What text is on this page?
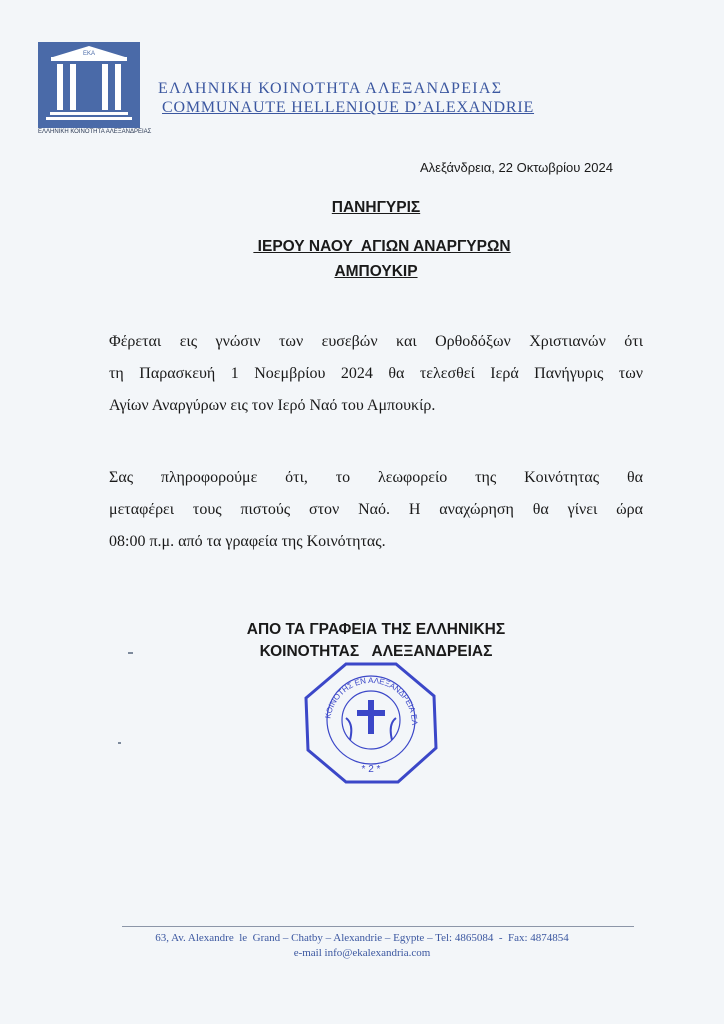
ΕΚΑ
ΕΛΛΗΝΙΚΗ ΚΟΙΝΟΤΗΤΑ ΑΛΕΞΑΝΔΡΕΙΑΣ
ΕΛΛΗΝΙΚΗ ΚΟΙΝΟΤΗΤΑ ΑΛΕΞΑΝΔΡΕΙΑΣ
COMMUNAUTE HELLENIQUE D’ALEXANDRIE
Αλεξάνδρεια, 22 Οκτωβρίου 2024
ΠΑΝΗΓΥΡΙΣ
ΙΕΡΟΥ ΝΑΟΥ  ΑΓΙΩΝ ΑΝΑΡΓΥΡΩΝ
ΑΜΠΟΥΚΙΡ
Φέρεται εις γνώσιν των ευσεβών και Ορθοδόξων Χριστιανών ότι
τη Παρασκευή 1 Νοεμβρίου 2024 θα τελεσθεί Ιερά Πανήγυρις των
Αγίων Αναργύρων εις τον Ιερό Ναό του Αμπουκίρ.
Σας πληροφορούμε ότι, το λεωφορείο της Κοινότητας θα
μεταφέρει τους πιστούς στον Ναό. Η αναχώρηση θα γίνει ώρα
08:00 π.μ. από τα γραφεία της Κοινότητας.
ΑΠΟ ΤΑ ΓΡΑΦΕΙΑ ΤΗΣ ΕΛΛΗΝΙΚΗΣ
ΚΟΙΝΟΤΗΤΑΣ   ΑΛΕΞΑΝΔΡΕΙΑΣ
ΚΟΙΝΟΤΗΣ ΕΝ ΑΛΕΞΑΝΔΡΕΙΑ ΕΛ
* 2 *
63, Av. Alexandre  le  Grand – Chatby – Alexandrie – Egypte – Tel: 4865084  -  Fax: 4874854
e-mail info@ekalexandria.com
